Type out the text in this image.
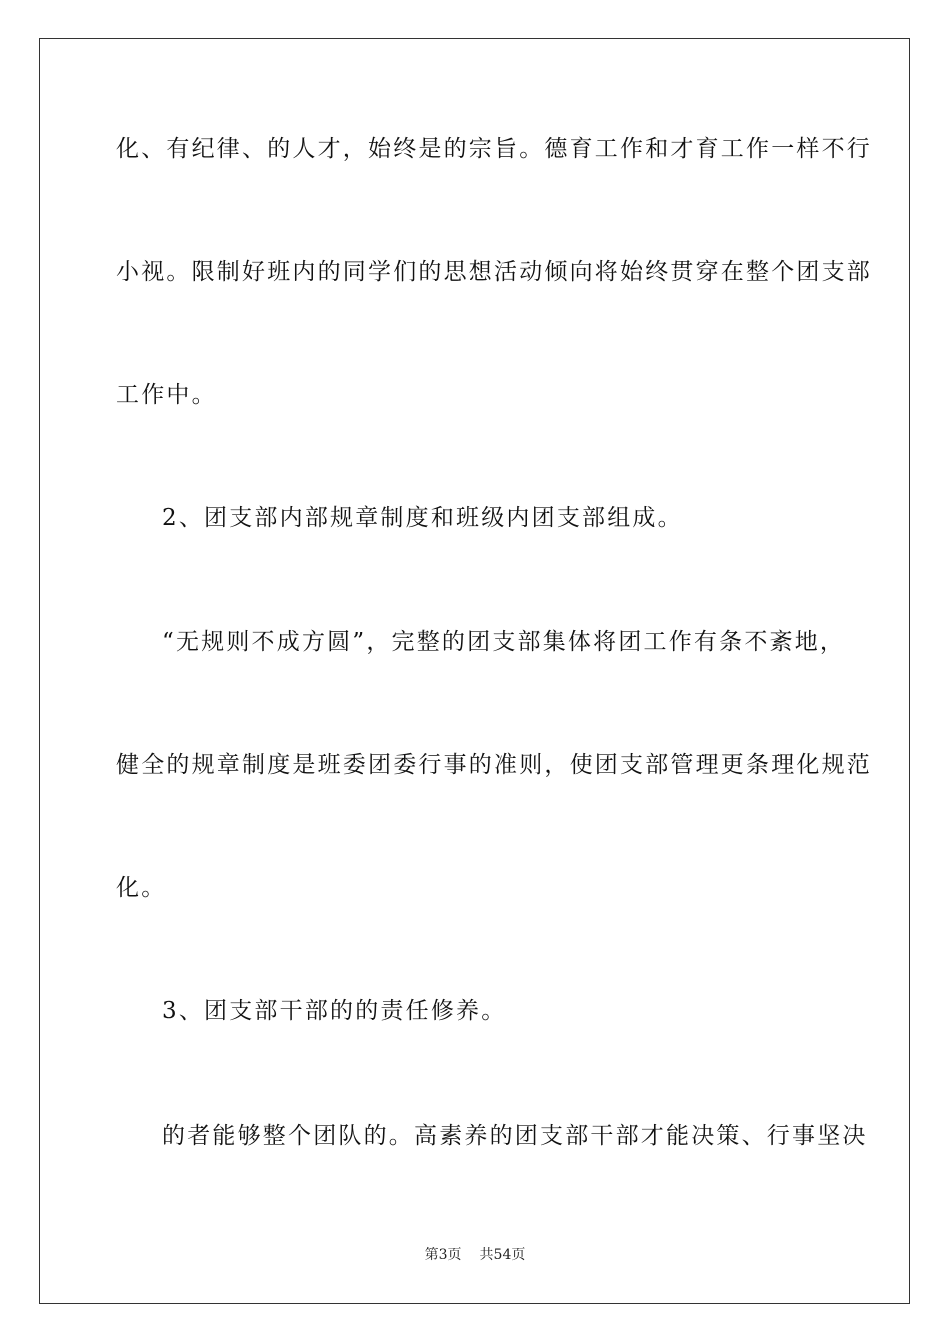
化、有纪律、的人才，始终是的宗旨。德育工作和才育工作一样不行
小视。限制好班内的同学们的思想活动倾向将始终贯穿在整个团支部
工作中。
2、团支部内部规章制度和班级内团支部组成。
“无规则不成方圆”，完整的团支部集体将团工作有条不紊地，
健全的规章制度是班委团委行事的准则，使团支部管理更条理化规范
化。
3、团支部干部的的责任修养。
的者能够整个团队的。高素养的团支部干部才能决策、行事坚决
第3页 共54页
